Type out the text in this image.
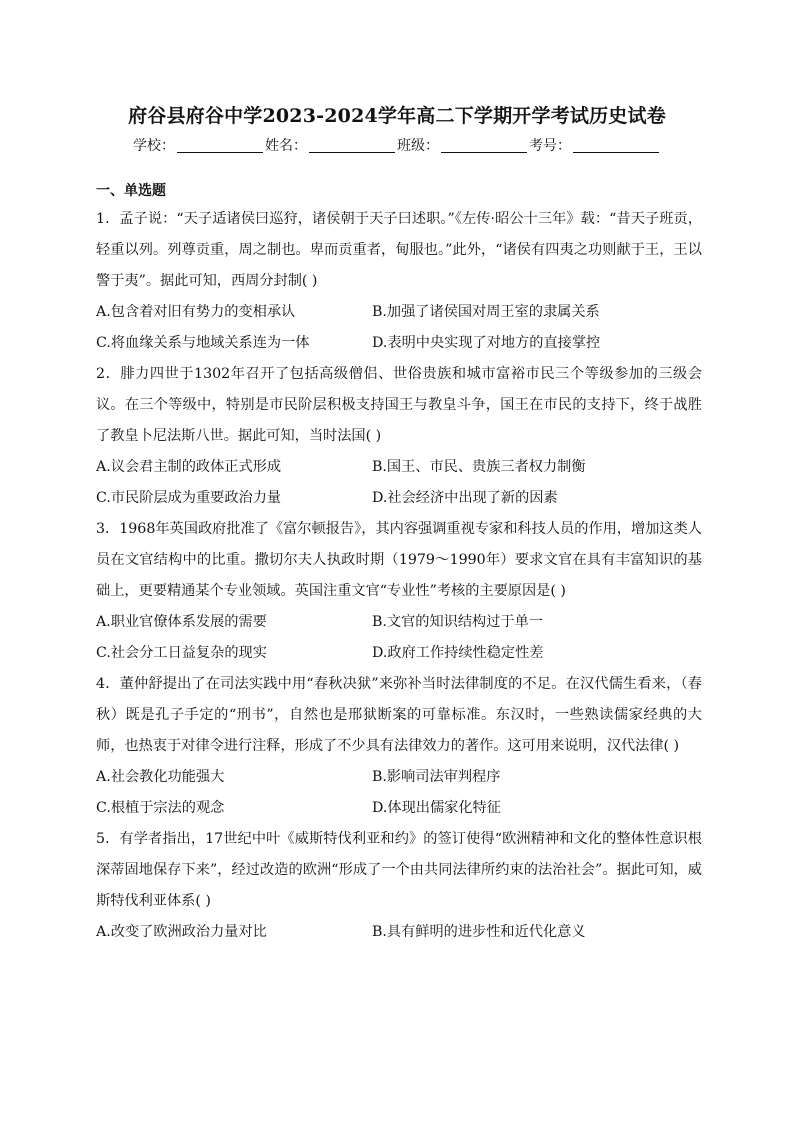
府谷县府谷中学2023-2024学年高二下学期开学考试历史试卷
学校：	姓名：	班级：	考号：
一、单选题

1．孟子说：“天子适诸侯曰巡狩，诸侯朝于天子曰述职。”《左传·昭公十三年》载：“昔天子班贡，轻重以列。列尊贡重，周之制也。卑而贡重者，甸服也。”此外，“诸侯有四夷之功则献于王，王以警于夷”。据此可知，西周分封制( )

A.包含着对旧有势力的变相承认	B.加强了诸侯国对周王室的隶属关系
C.将血缘关系与地域关系连为一体	D.表明中央实现了对地方的直接掌控

2．腓力四世于1302年召开了包括高级僧侣、世俗贵族和城市富裕市民三个等级参加的三级会议。在三个等级中，特别是市民阶层积极支持国王与教皇斗争，国王在市民的支持下，终于战胜了教皇卜尼法斯八世。据此可知，当时法国( )

A.议会君主制的政体正式形成	B.国王、市民、贵族三者权力制衡
C.市民阶层成为重要政治力量	D.社会经济中出现了新的因素

3．1968年英国政府批准了《富尔顿报告》，其内容强调重视专家和科技人员的作用，增加这类人员在文官结构中的比重。撒切尔夫人执政时期（1979～1990年）要求文官在具有丰富知识的基础上，更要精通某个专业领域。英国注重文官“专业性”考核的主要原因是( )

A.职业官僚体系发展的需要	B.文官的知识结构过于单一
C.社会分工日益复杂的现实	D.政府工作持续性稳定性差

4．董仲舒提出了在司法实践中用“春秋决狱”来弥补当时法律制度的不足。在汉代儒生看来，（春秋）既是孔子手定的“刑书”，自然也是邢狱断案的可靠标准。东汉时，一些熟读儒家经典的大师，也热衷于对律令进行注释，形成了不少具有法律效力的著作。这可用来说明，汉代法律( )

A.社会教化功能强大	B.影响司法审判程序
C.根植于宗法的观念	D.体现出儒家化特征

5．有学者指出，17世纪中叶《威斯特伐利亚和约》的签订使得“欧洲精神和文化的整体性意识根深蒂固地保存下来”，经过改造的欧洲“形成了一个由共同法律所约束的法治社会”。据此可知，威斯特伐利亚体系( )

A.改变了欧洲政治力量对比	B.具有鲜明的进步性和近代化意义
